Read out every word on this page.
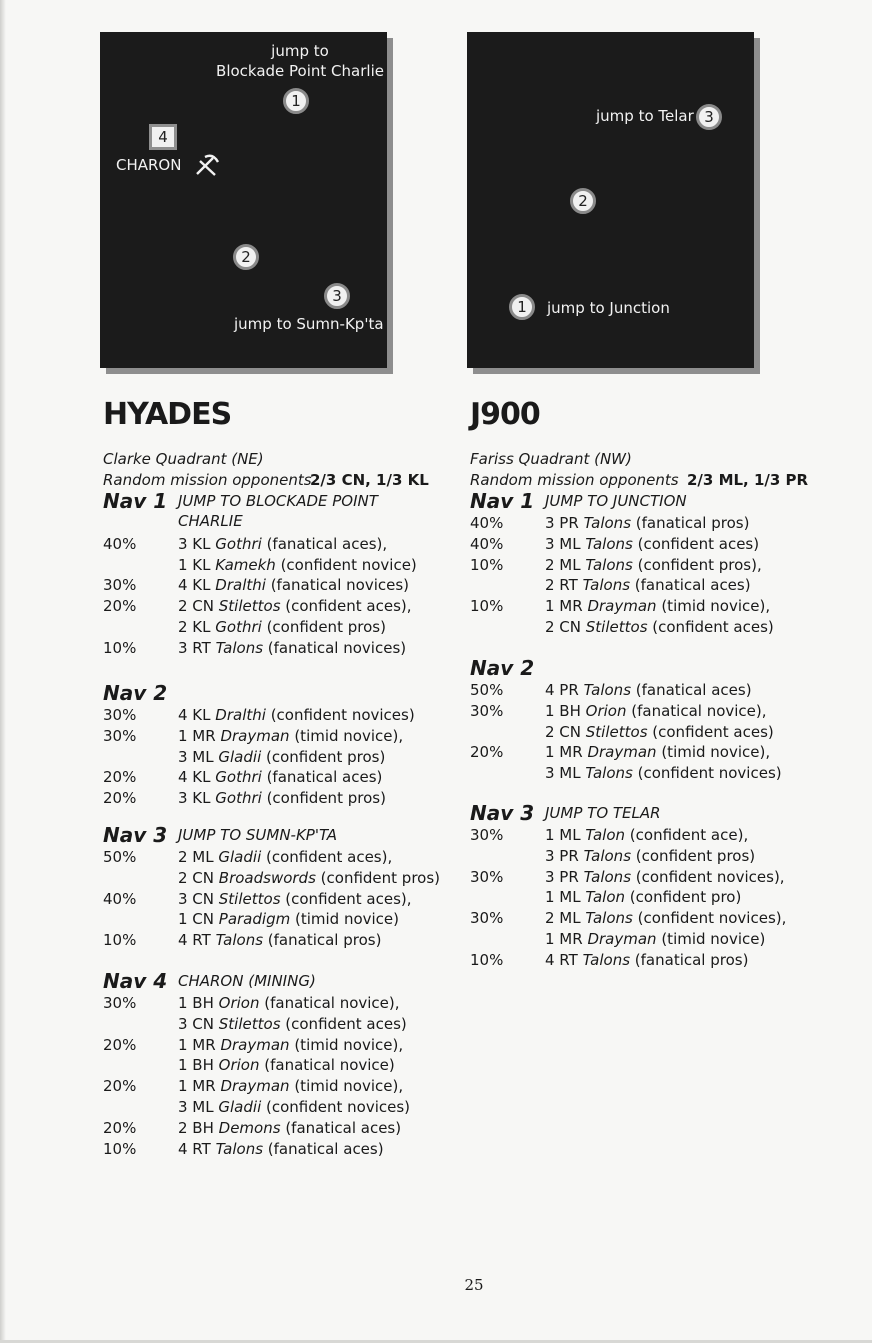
jump to
Blockade Point Charlie
1
4
CHARON
2
3
jump to Sumn-Kp'ta
jump to Telar 3
2
1	jump to Junction
HYADES
Clarke Quadrant (NE)
Random mission opponents
2/3 CN, 1/3 KL
Nav 1 JUMP TO BLOCKADE POINT
CHARLIE
40%	3 KL Gothri (fanatical aces),
1 KL Kamekh (confident novice)
30%	4 KL Dralthi (fanatical novices)
20%	2 CN Stilettos (confident aces),
2 KL Gothri (confident pros)
10%	3 RT Talons (fanatical novices)
Nav 2
30%	4 KL Dralthi (confident novices)
30%	1 MR Drayman (timid novice),
3 ML Gladii (confident pros)
20%	4 KL Gothri (fanatical aces)
20%	3 KL Gothri (confident pros)
Nav 3 JUMP TO SUMN-KP'TA
50%	2 ML Gladii (confident aces),
2 CN Broadswords (confident pros)
40%	3 CN Stilettos (confident aces),
1 CN Paradigm (timid novice)
10%	4 RT Talons (fanatical pros)
Nav 4 CHARON (MINING)
30%	1 BH Orion (fanatical novice),
3 CN Stilettos (confident aces)
20%	1 MR Drayman (timid novice),
1 BH Orion (fanatical novice)
20%	1 MR Drayman (timid novice),
3 ML Gladii (confident novices)
20%	2 BH Demons (fanatical aces)
10%	4 RT Talons (fanatical aces)
J900
Fariss Quadrant (NW)
Random mission opponents 2/3 ML, 1/3 PR
Nav 1 JUMP TO JUNCTION
40%	3 PR Talons (fanatical pros)
40%	3 ML Talons (confident aces)
10%	2 ML Talons (confident pros),
2 RT Talons (fanatical aces)
10%	1 MR Drayman (timid novice),
2 CN Stilettos (confident aces)
Nav 2
50%	4 PR Talons (fanatical aces)
30%	1 BH Orion (fanatical novice),
2 CN Stilettos (confident aces)
20%	1 MR Drayman (timid novice),
3 ML Talons (confident novices)
Nav 3 JUMP TO TELAR
30%	1 ML Talon (confident ace),
3 PR Talons (confident pros)
30%	3 PR Talons (confident novices),
1 ML Talon (confident pro)
30%	2 ML Talons (confident novices),
1 MR Drayman (timid novice)
10%	4 RT Talons (fanatical pros)
25
